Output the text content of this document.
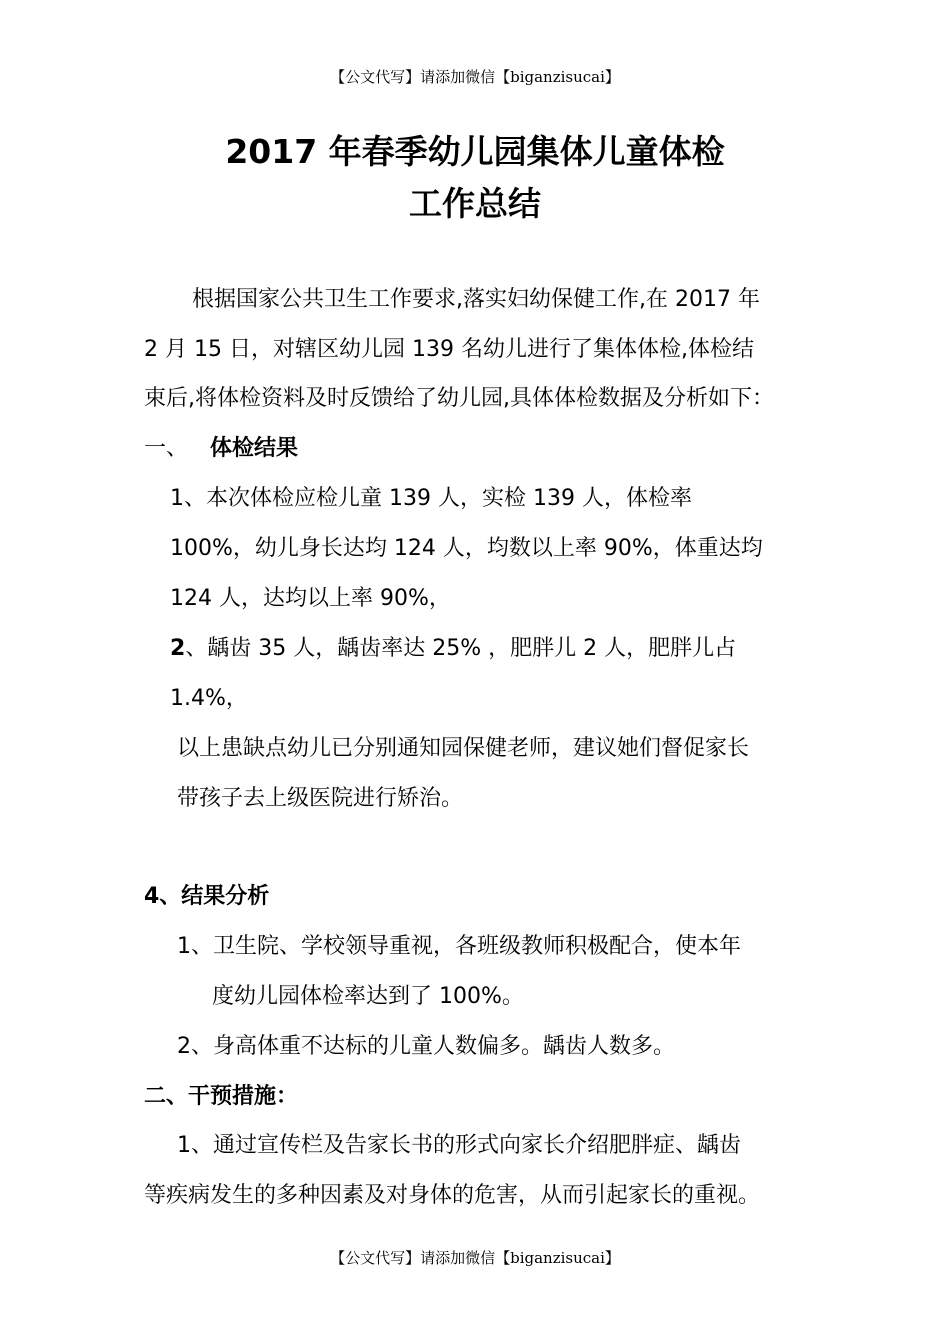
【公文代写】请添加微信【biganzisucai】
2017 年春季幼儿园集体儿童体检
工作总结
根据国家公共卫生工作要求,落实妇幼保健工作,在 2017 年
2 月 15 日，对辖区幼儿园 139 名幼儿进行了集体体检,体检结
束后,将体检资料及时反馈给了幼儿园,具体体检数据及分析如下：
一、 体检结果
1、本次体检应检儿童 139 人，实检 139 人，体检率
100%，幼儿身长达均 124 人，均数以上率 90%，体重达均
124 人，达均以上率 90%，
2、龋齿 35 人，龋齿率达 25% ，肥胖儿 2 人，肥胖儿占
1.4%，
以上患缺点幼儿已分别通知园保健老师，建议她们督促家长
带孩子去上级医院进行矫治。
4、结果分析
1、卫生院、学校领导重视，各班级教师积极配合，使本年
度幼儿园体检率达到了 100%。
2、身高体重不达标的儿童人数偏多。龋齿人数多。
二、干预措施：
1、通过宣传栏及告家长书的形式向家长介绍肥胖症、龋齿
等疾病发生的多种因素及对身体的危害，从而引起家长的重视。
【公文代写】请添加微信【biganzisucai】
